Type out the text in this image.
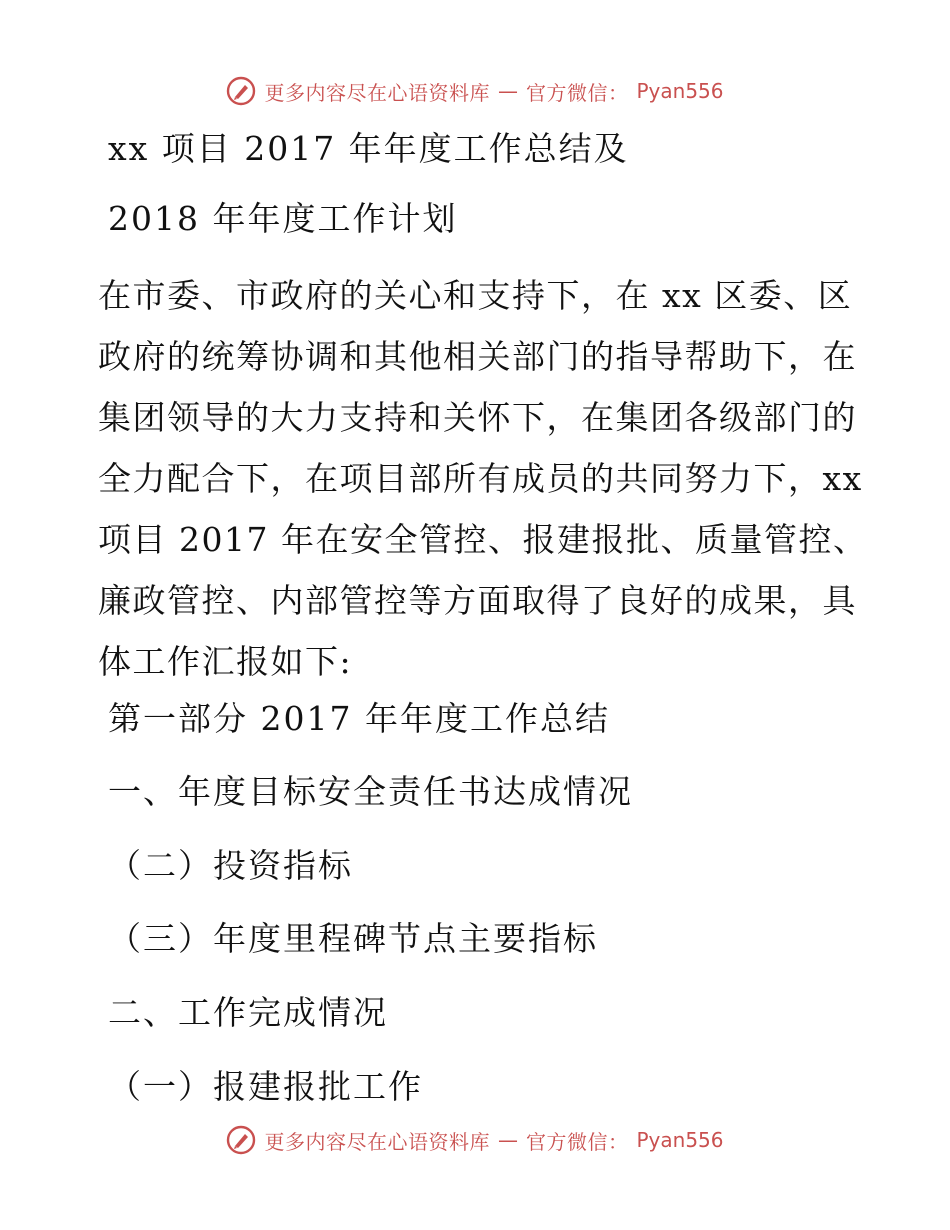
更多内容尽在心语资料库 — 官方微信： Pyan556
xx 项目 2017 年年度工作总结及
2018 年年度工作计划
在市委、市政府的关心和支持下，在 xx 区委、区
政府的统筹协调和其他相关部门的指导帮助下，在
集团领导的大力支持和关怀下，在集团各级部门的
全力配合下，在项目部所有成员的共同努力下，xx
项目 2017 年在安全管控、报建报批、质量管控、
廉政管控、内部管控等方面取得了良好的成果，具
体工作汇报如下:
第一部分 2017 年年度工作总结
一、年度目标安全责任书达成情况
（二）投资指标
（三）年度里程碑节点主要指标
二、工作完成情况
（一）报建报批工作
更多内容尽在心语资料库 — 官方微信： Pyan556
